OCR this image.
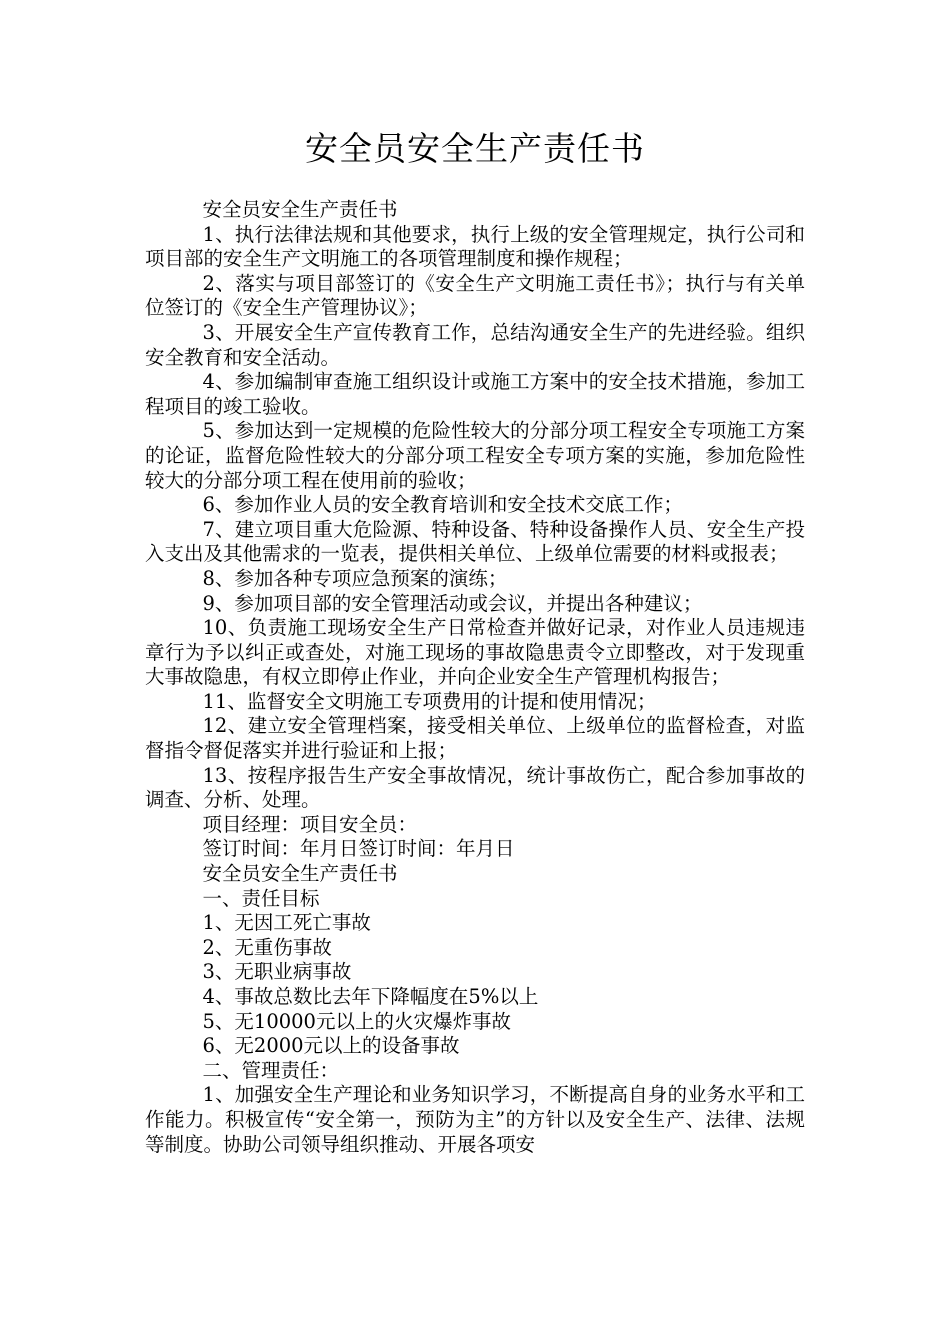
安全员安全生产责任书

安全员安全生产责任书

1、执行法律法规和其他要求，执行上级的安全管理规定，执行公司和项目部的安全生产文明施工的各项管理制度和操作规程；

2、落实与项目部签订的《安全生产文明施工责任书》；执行与有关单位签订的《安全生产管理协议》；

3、开展安全生产宣传教育工作，总结沟通安全生产的先进经验。组织安全教育和安全活动。

4、参加编制审查施工组织设计或施工方案中的安全技术措施，参加工程项目的竣工验收。

5、参加达到一定规模的危险性较大的分部分项工程安全专项施工方案的论证，监督危险性较大的分部分项工程安全专项方案的实施，参加危险性较大的分部分项工程在使用前的验收；

6、参加作业人员的安全教育培训和安全技术交底工作；

7、建立项目重大危险源、特种设备、特种设备操作人员、安全生产投入支出及其他需求的一览表，提供相关单位、上级单位需要的材料或报表；

8、参加各种专项应急预案的演练；

9、参加项目部的安全管理活动或会议，并提出各种建议；

10、负责施工现场安全生产日常检查并做好记录，对作业人员违规违章行为予以纠正或查处，对施工现场的事故隐患责令立即整改，对于发现重大事故隐患，有权立即停止作业，并向企业安全生产管理机构报告；

11、监督安全文明施工专项费用的计提和使用情况；

12、建立安全管理档案，接受相关单位、上级单位的监督检查，对监督指令督促落实并进行验证和上报；

13、按程序报告生产安全事故情况，统计事故伤亡，配合参加事故的调查、分析、处理。

项目经理：项目安全员：

签订时间：年月日签订时间：年月日

安全员安全生产责任书

一、责任目标

1、无因工死亡事故

2、无重伤事故

3、无职业病事故

4、事故总数比去年下降幅度在5%以上

5、无10000元以上的火灾爆炸事故

6、无2000元以上的设备事故

二、管理责任：

1、加强安全生产理论和业务知识学习，不断提高自身的业务水平和工作能力。积极宣传“安全第一，预防为主”的方针以及安全生产、法律、法规等制度。协助公司领导组织推动、开展各项安
